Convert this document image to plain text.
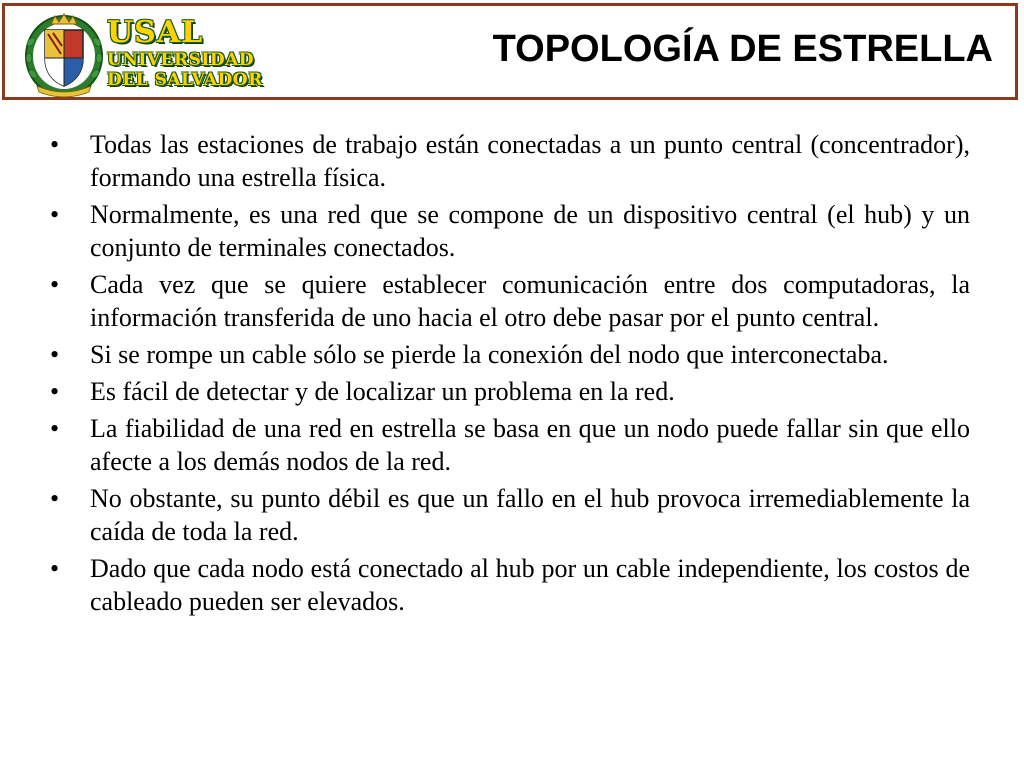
USAL
UNIVERSIDAD
DEL SALVADOR
TOPOLOGÍA DE ESTRELLA
• Todas las estaciones de trabajo están conectadas a un punto central (concentrador), formando una estrella física.
• Normalmente, es una red que se compone de un dispositivo central (el hub) y un conjunto de terminales conectados.
• Cada vez que se quiere establecer comunicación entre dos computadoras, la información transferida de uno hacia el otro debe pasar por el punto central.
• Si se rompe un cable sólo se pierde la conexión del nodo que interconectaba.
• Es fácil de detectar y de localizar un problema en la red.
• La fiabilidad de una red en estrella se basa en que un nodo puede fallar sin que ello afecte a los demás nodos de la red.
• No obstante, su punto débil es que un fallo en el hub provoca irremediablemente la caída de toda la red.
• Dado que cada nodo está conectado al hub por un cable independiente, los costos de cableado pueden ser elevados.
